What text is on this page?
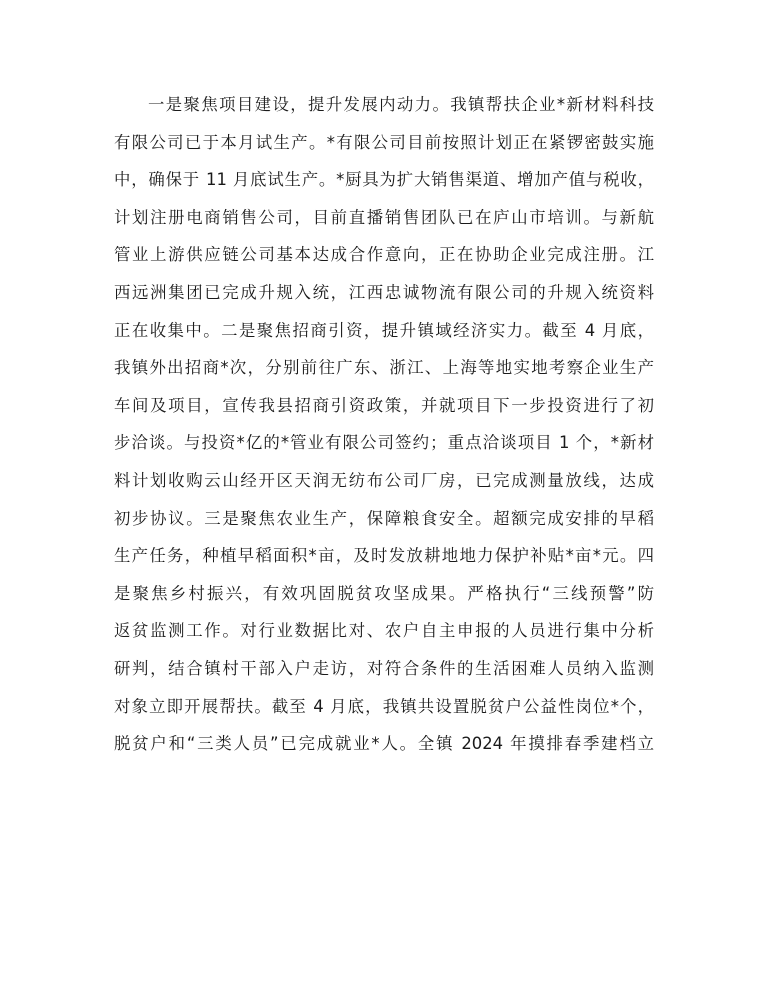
一是聚焦项目建设，提升发展内动力。我镇帮扶企业*新材料科技
有限公司已于本月试生产。*有限公司目前按照计划正在紧锣密鼓实施
中，确保于 11 月底试生产。*厨具为扩大销售渠道、增加产值与税收，
计划注册电商销售公司，目前直播销售团队已在庐山市培训。与新航
管业上游供应链公司基本达成合作意向，正在协助企业完成注册。江
西远洲集团已完成升规入统，江西忠诚物流有限公司的升规入统资料
正在收集中。二是聚焦招商引资，提升镇域经济实力。截至 4 月底，
我镇外出招商*次，分别前往广东、浙江、上海等地实地考察企业生产
车间及项目，宣传我县招商引资政策，并就项目下一步投资进行了初
步洽谈。与投资*亿的*管业有限公司签约；重点洽谈项目 1 个，*新材
料计划收购云山经开区天润无纺布公司厂房，已完成测量放线，达成
初步协议。三是聚焦农业生产，保障粮食安全。超额完成安排的早稻
生产任务，种植早稻面积*亩，及时发放耕地地力保护补贴*亩*元。四
是聚焦乡村振兴，有效巩固脱贫攻坚成果。严格执行“三线预警”防
返贫监测工作。对行业数据比对、农户自主申报的人员进行集中分析
研判，结合镇村干部入户走访，对符合条件的生活困难人员纳入监测
对象立即开展帮扶。截至 4 月底，我镇共设置脱贫户公益性岗位*个，
脱贫户和“三类人员”已完成就业*人。全镇 2024 年摸排春季建档立
